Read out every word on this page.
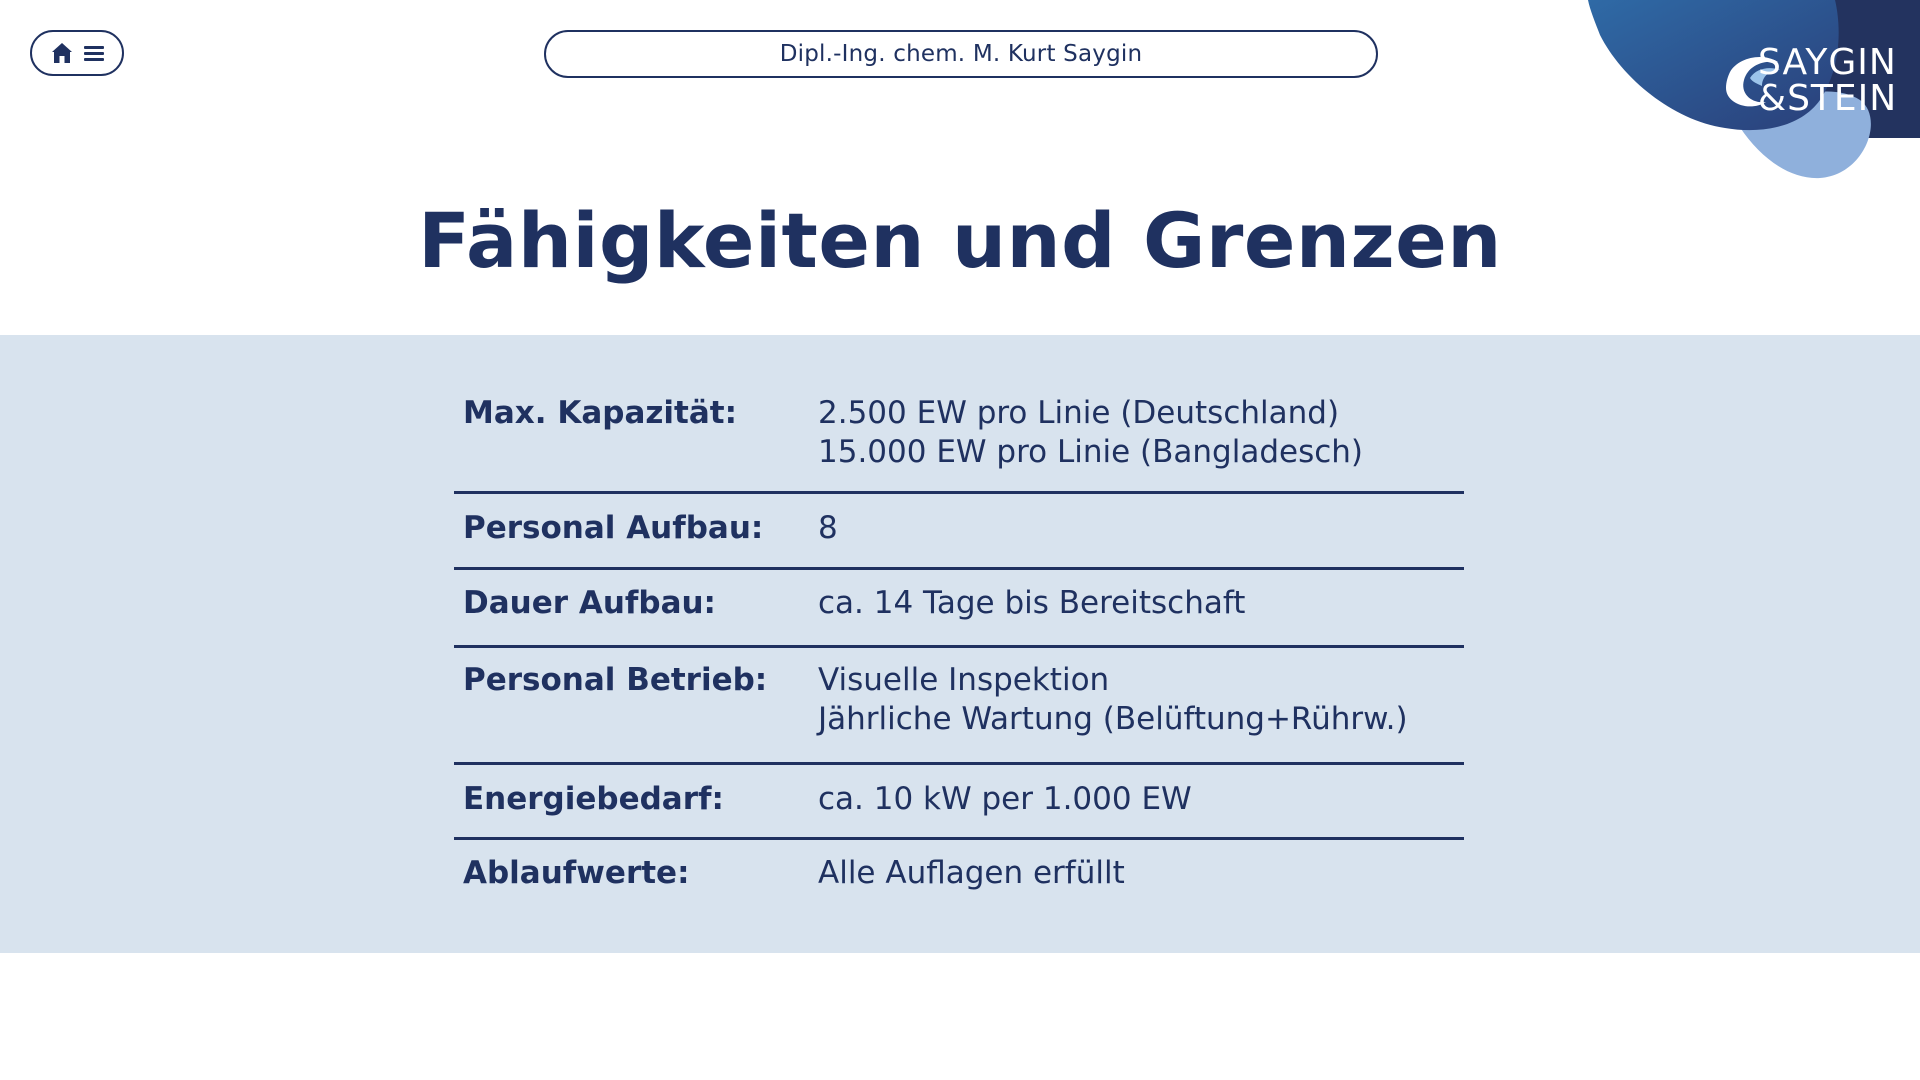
Dipl.-Ing. chem. M. Kurt Saygin	SAYGIN
&STEIN
Fähigkeiten und Grenzen
Max. Kapazität:	2.500 EW pro Linie (Deutschland)
15.000 EW pro Linie (Bangladesch)
Personal Aufbau:	8
Dauer Aufbau:	ca. 14 Tage bis Bereitschaft
Personal Betrieb:	Visuelle Inspektion
Jährliche Wartung (Belüftung+Rührw.)
Energiebedarf:	ca. 10 kW per 1.000 EW
Ablaufwerte:	Alle Auflagen erfüllt
